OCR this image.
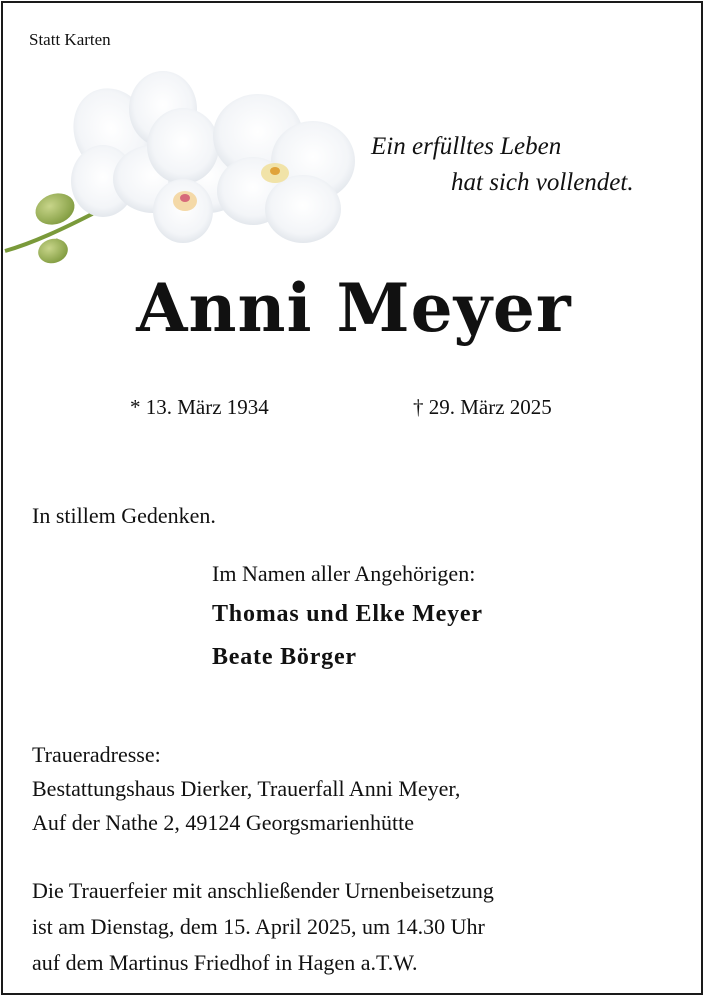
Statt Karten
Ein erfülltes Leben
hat sich vollendet.
Anni Meyer
* 13. März 1934	† 29. März 2025
In stillem Gedenken.
Im Namen aller Angehörigen:
Thomas und Elke Meyer
Beate Börger
Traueradresse:
Bestattungshaus Dierker, Trauerfall Anni Meyer,
Auf der Nathe 2, 49124 Georgsmarienhütte
Die Trauerfeier mit anschließender Urnenbeisetzung
ist am Dienstag, dem 15. April 2025, um 14.30 Uhr
auf dem Martinus Friedhof in Hagen a.T.W.
